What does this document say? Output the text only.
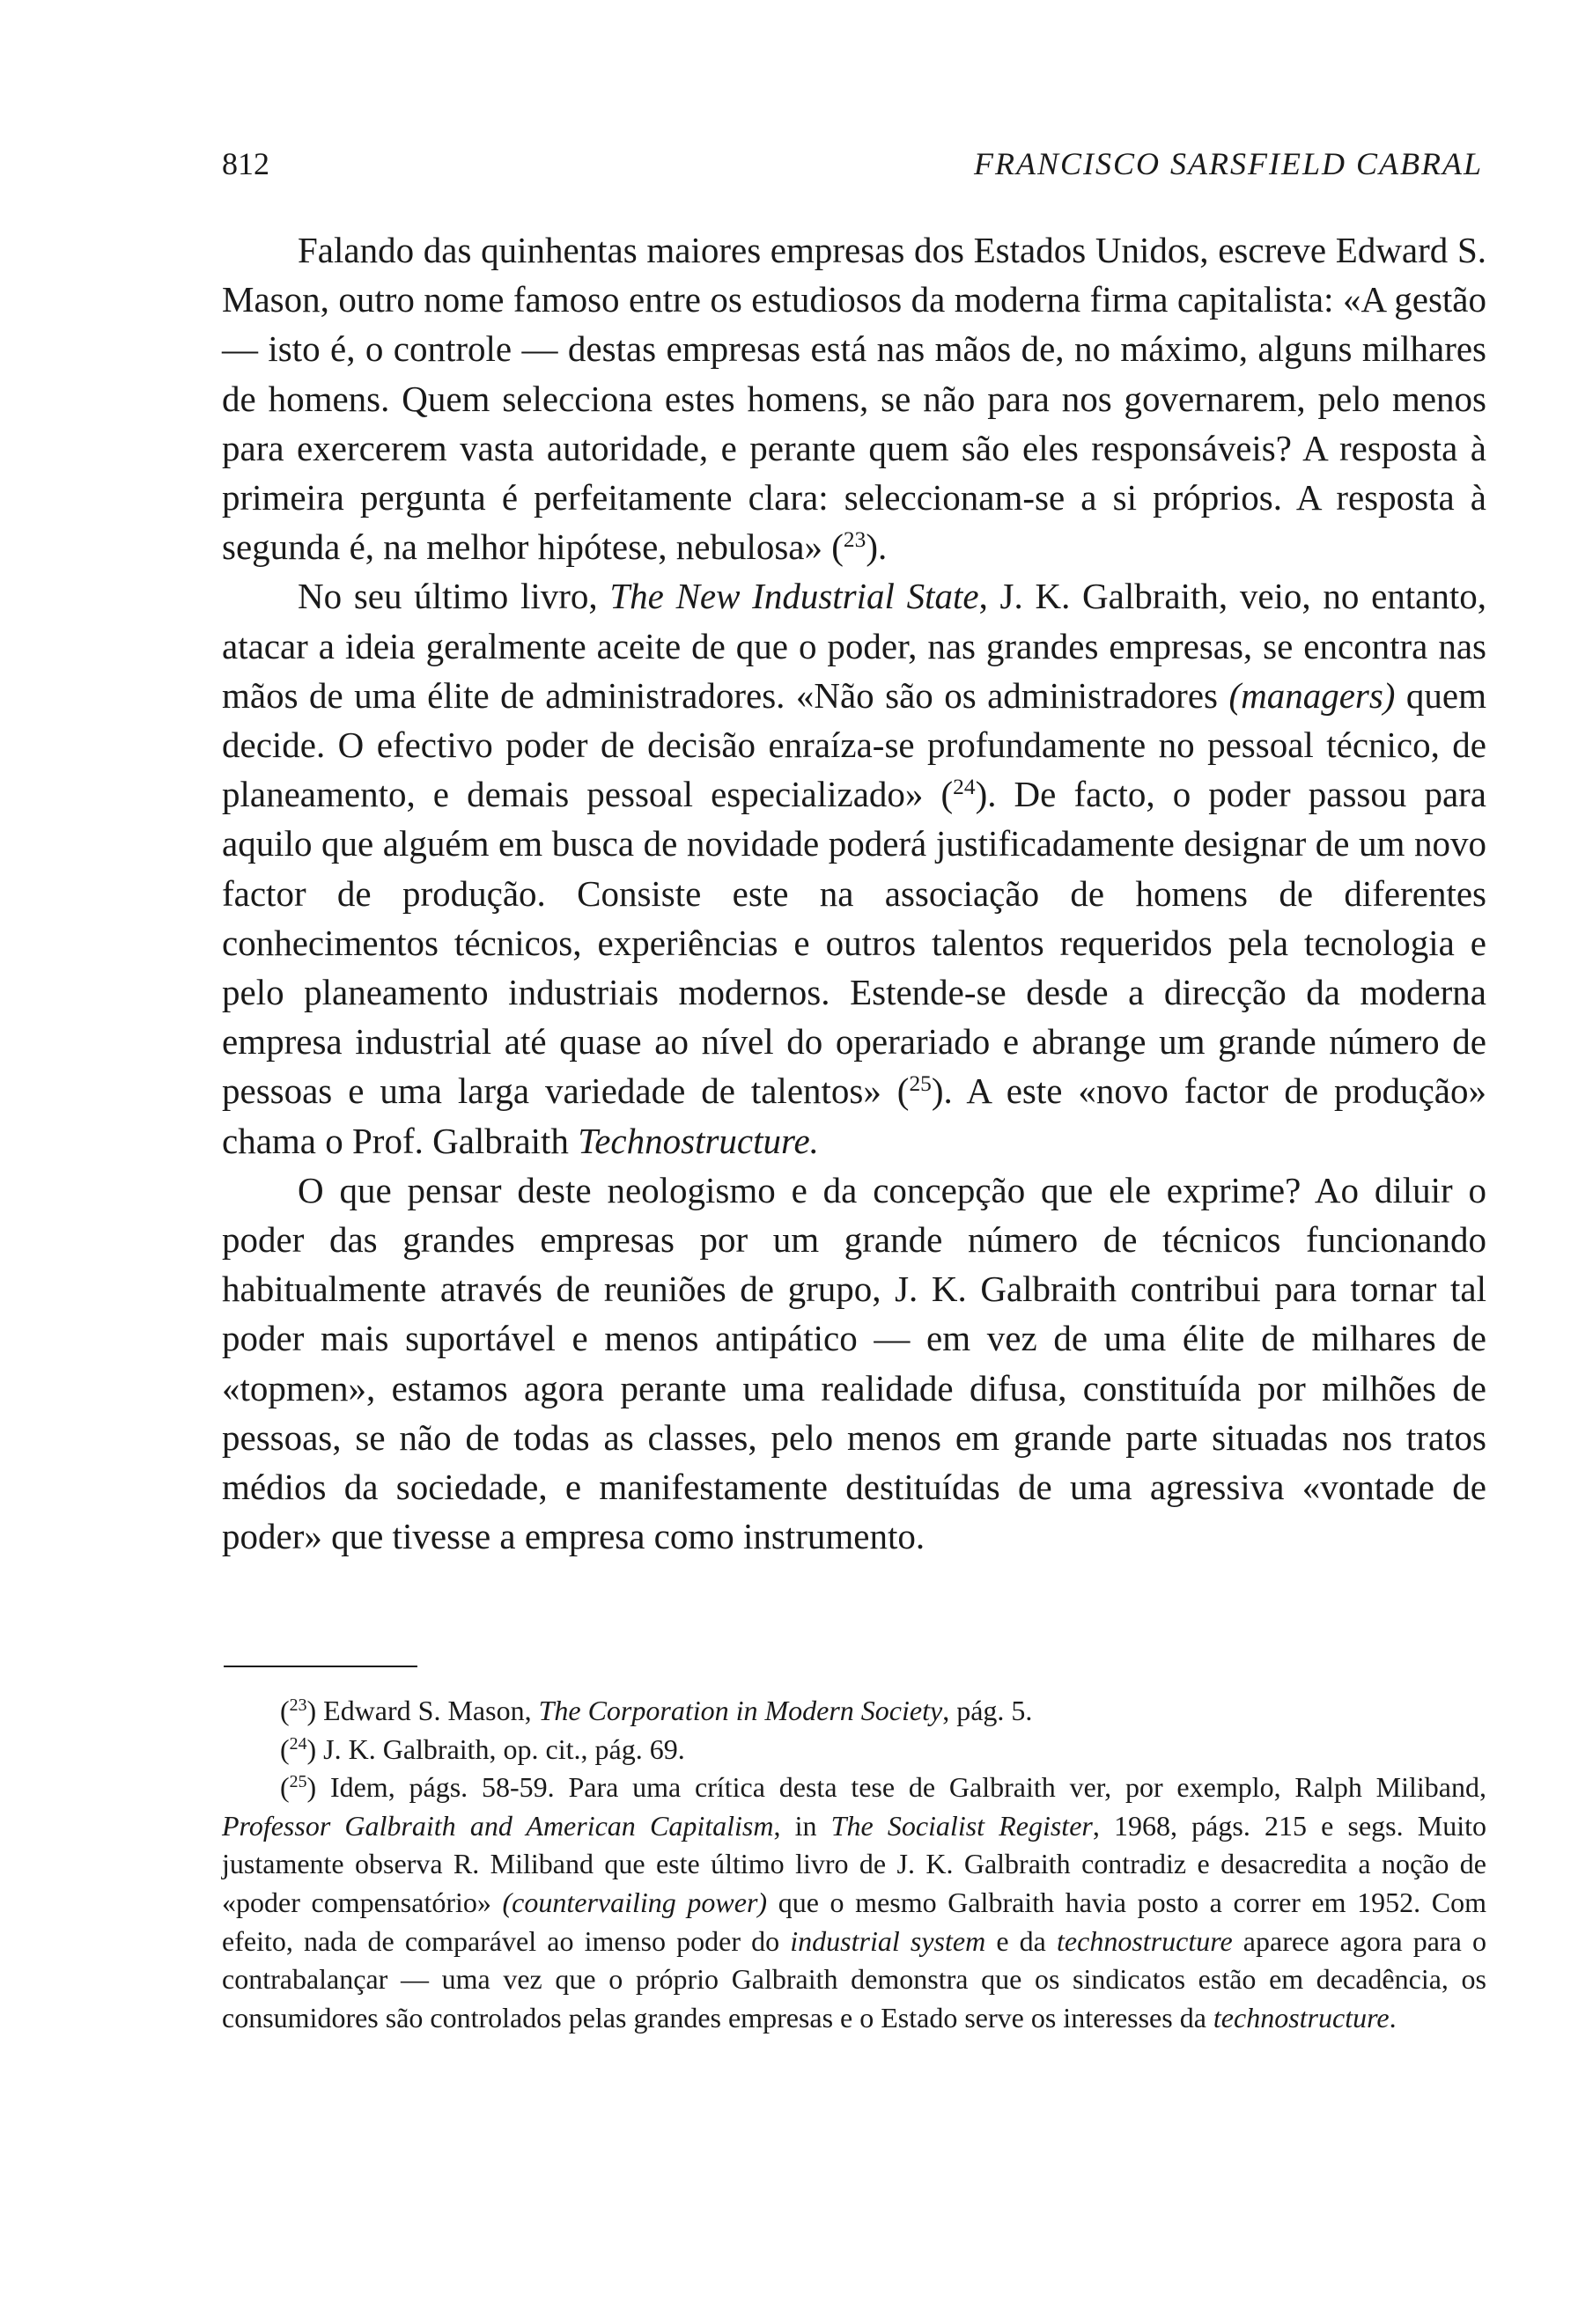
812	FRANCISCO SARSFIELD CABRAL

Falando das quinhentas maiores empresas dos Estados Unidos, escreve Edward S. Mason, outro nome famoso entre os estudiosos da moderna firma capitalista: «A gestão — isto é, o controle — destas empresas está nas mãos de, no máximo, alguns milhares de homens. Quem selecciona estes homens, se não para nos governarem, pelo menos para exercerem vasta autoridade, e perante quem são eles responsáveis? A resposta à primeira pergunta é perfeitamente clara: seleccionam-se a si próprios. A resposta à segunda é, na melhor hipótese, nebulosa» ($^{23}$).

No seu último livro, The New Industrial State, J. K. Galbraith, veio, no entanto, atacar a ideia geralmente aceite de que o poder, nas grandes empresas, se encontra nas mãos de uma élite de administradores. «Não são os administradores (managers) quem decide. O efectivo poder de decisão enraíza-se profundamente no pessoal técnico, de planeamento, e demais pessoal especializado» ($^{24}$). De facto, o poder passou para aquilo que alguém em busca de novidade poderá justificadamente designar de um novo factor de produção. Consiste este na associação de homens de diferentes conhecimentos técnicos, experiências e outros talentos requeridos pela tecnologia e pelo planeamento industriais modernos. Estende-se desde a direcção da moderna empresa industrial até quase ao nível do operariado e abrange um grande número de pessoas e uma larga variedade de talentos» ($^{25}$). A este «novo factor de produção» chama o Prof. Galbraith Technostructure.

O que pensar deste neologismo e da concepção que ele exprime? Ao diluir o poder das grandes empresas por um grande número de técnicos funcionando habitualmente através de reuniões de grupo, J. K. Galbraith contribui para tornar tal poder mais suportável e menos antipático — em vez de uma élite de milhares de «topmen», estamos agora perante uma realidade difusa, constituída por milhões de pessoas, se não de todas as classes, pelo menos em grande parte situadas nos tratos médios da sociedade, e manifestamente destituídas de uma agressiva «vontade de poder» que tivesse a empresa como instrumento.

($^{23}$) Edward S. Mason, The Corporation in Modern Society, pág. 5.

($^{24}$) J. K. Galbraith, op. cit., pág. 69.

($^{25}$) Idem, págs. 58-59. Para uma crítica desta tese de Galbraith ver, por exemplo, Ralph Miliband, Professor Galbraith and American Capitalism, in The Socialist Register, 1968, págs. 215 e segs. Muito justamente observa R. Miliband que este último livro de J. K. Galbraith contradiz e desacredita a noção de «poder compensatório» (countervailing power) que o mesmo Galbraith havia posto a correr em 1952. Com efeito, nada de comparável ao imenso poder do industrial system e da technostructure aparece agora para o contrabalançar — uma vez que o próprio Galbraith demonstra que os sindicatos estão em decadência, os consumidores são controlados pelas grandes empresas e o Estado serve os interesses da technostructure.
